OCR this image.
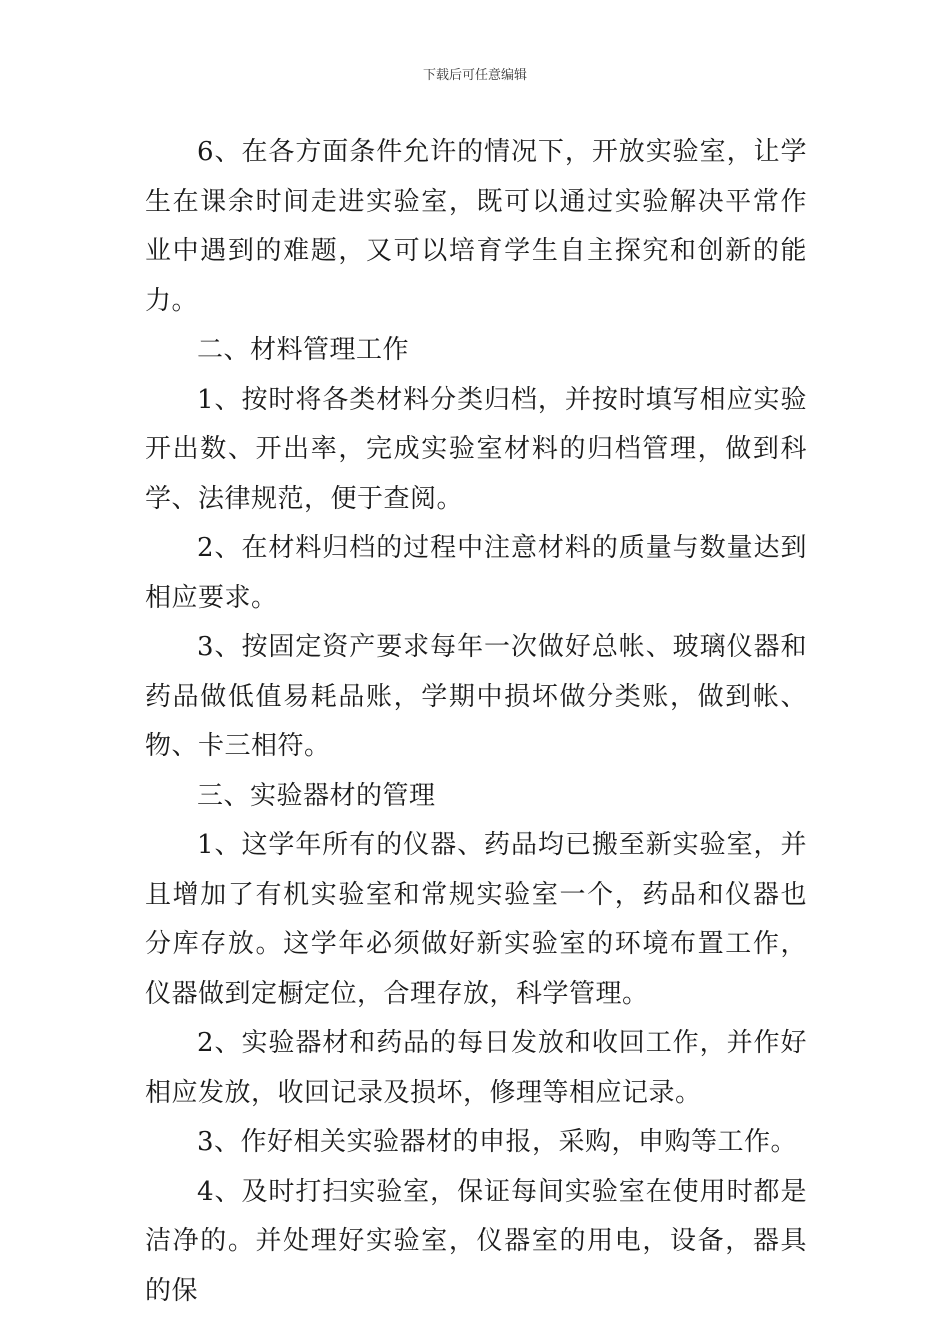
下载后可任意编辑

6、在各方面条件允许的情况下，开放实验室，让学生在课余时间走进实验室，既可以通过实验解决平常作业中遇到的难题，又可以培育学生自主探究和创新的能力。

二、材料管理工作

1、按时将各类材料分类归档，并按时填写相应实验开出数、开出率，完成实验室材料的归档管理，做到科学、法律规范，便于查阅。

2、在材料归档的过程中注意材料的质量与数量达到相应要求。

3、按固定资产要求每年一次做好总帐、玻璃仪器和药品做低值易耗品账，学期中损坏做分类账，做到帐、物、卡三相符。

三、实验器材的管理

1、这学年所有的仪器、药品均已搬至新实验室，并且增加了有机实验室和常规实验室一个，药品和仪器也分库存放。这学年必须做好新实验室的环境布置工作，仪器做到定橱定位，合理存放，科学管理。

2、实验器材和药品的每日发放和收回工作，并作好相应发放，收回记录及损坏，修理等相应记录。

3、作好相关实验器材的申报，采购，申购等工作。

4、及时打扫实验室，保证每间实验室在使用时都是洁净的。并处理好实验室，仪器室的用电，设备，器具的保
